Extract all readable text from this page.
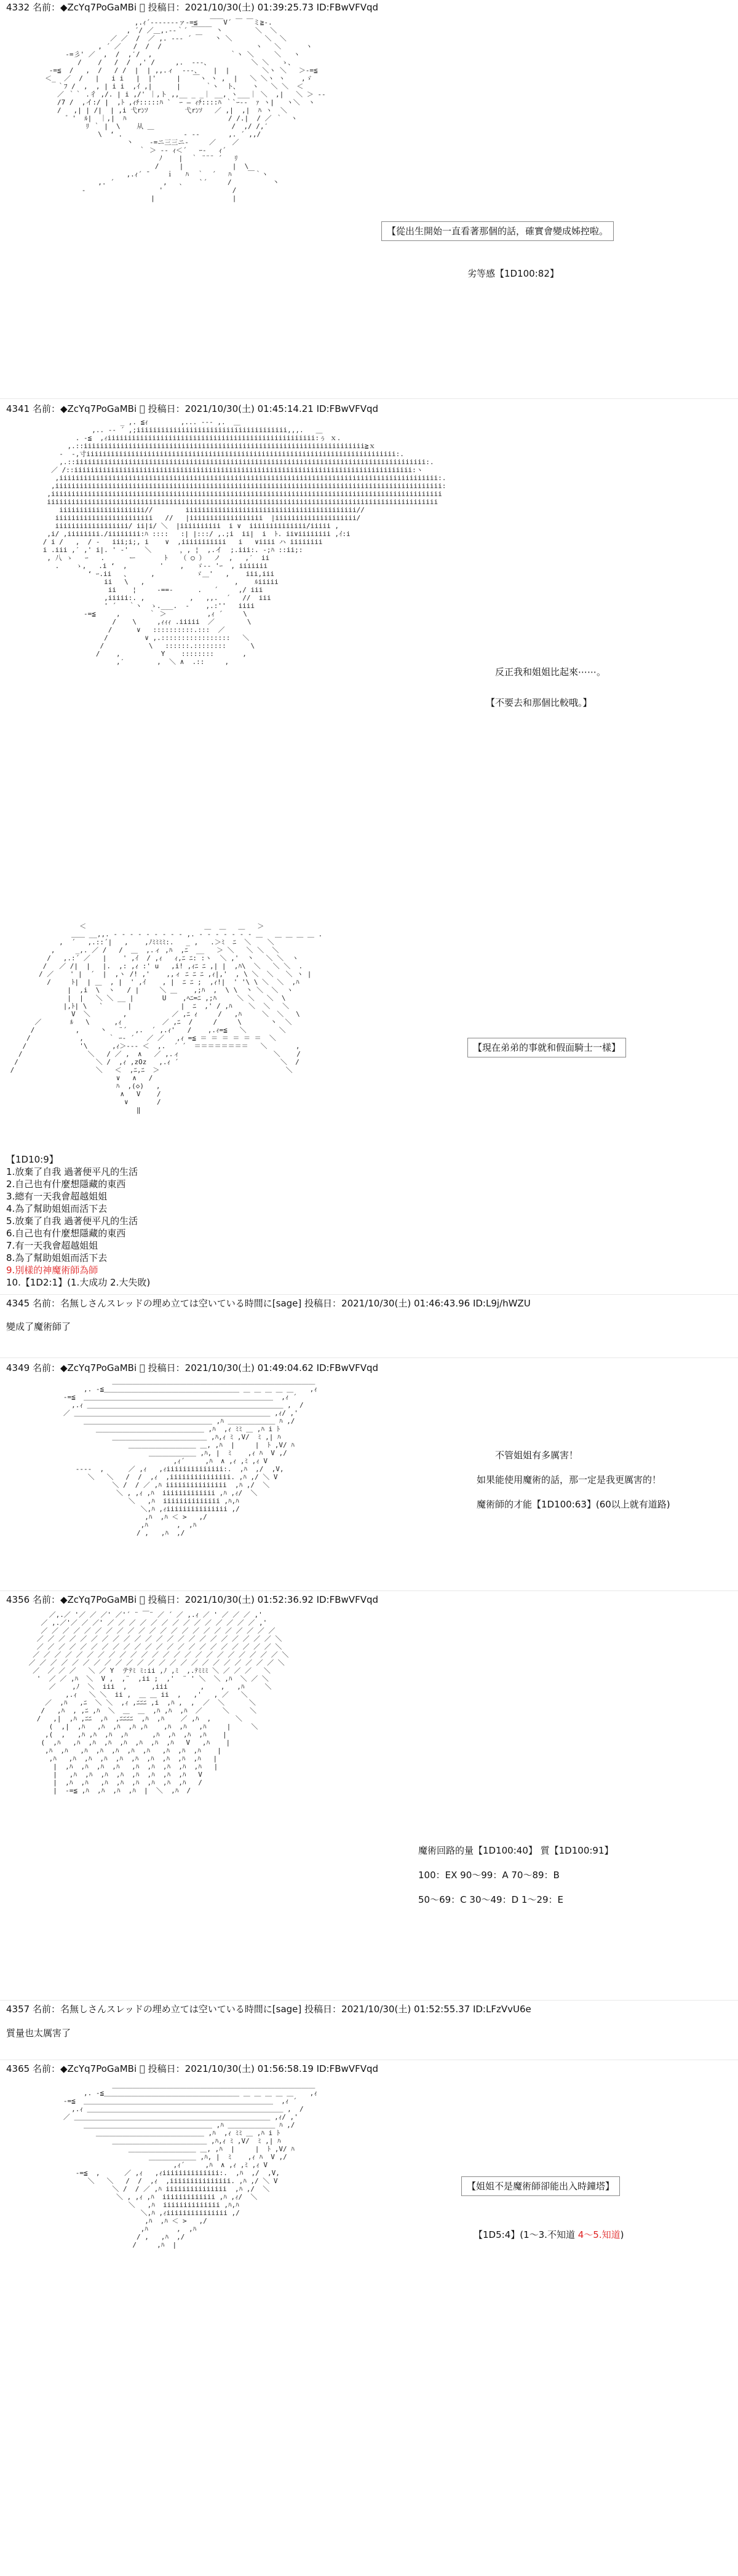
4332 名前：◆ZcYq7PoGaMBi ⃞ 投稿日：2021/10/30(土) 01:39:25.73 ID:FBwVFVqd
,.ｨ´‐‐‐‐‐‐‐ァ‐=≦   ￣￣V´ ￣ ￣ミ≧‐.
, ´/ ／＿,.-‐｀´ ￣￣￣ 丶        ＼  ＼
／ ／  /  ／ ,. -‐‐ ´ ￣   丶 ＼        ＼  ＼
, ´ ／   /  /  /                       ヽ   ＼      ヽ
‐=彡' ／  ,  /  ,′/  ,                   ｀ヽ ＼     ＼   ヽ
/    /   /  /  ,' /     ,.  ‐‐‐、          ＼ ＼   ゝ、
‐=≦  /   ,  /   / /  |  | ,,.ィ  ‐‐‐、   |  |        ＼ヽ ＼   ＞‐=≦
＜_  ／  /   |   i i   |  |'     |   ￣ヽ ヽ ,  |   ＼ ＼ヽ ヽ    ,ゞ
｀ﾌ /  ,  , | i i  ,ｲ ,|      |      ｀ヽ  ト、   ヽ   ＼ ＼  ＜
／ ｀｀ .彳 ,/. | i ,/' ｜,ト ,,__ _ _｜ __, ヽ___｜ ＼  ,|   ＼ ＞ ‐‐
/7 /  ,イ:/ |  ,ﾄ ,ｨﾁ:::::ﾊ `  ｰ ― ｨﾁ::::ﾊ ｀`ｰ‐-  ｧ ヽ|   ヽ＼  ヽ
/   ,| | /|  | ,i 弋rﾝｿ         弋rﾝｿ   ／ ,|  ,|  ﾊ ヽ  ＼
゛'  ﾙ|  ｜,|  ﾊ                         / /.|  / ／ ｀  ヽ
ﾘ ｀ |  \    从 ＿                   /  ,/ /,′
\  ‘ .               ‐ ‐‐       ,. ´ ,,/
丶    ‐=ニ三三ニ‐     ／    ／
｀ ＞ ‐‐ ｨ＜´   ｰ‐   ｨ´
ﾉ    |  ｀ ¨¨¨ ´   ﾘ
/     |            |  \
,.ｨ´ ̄     ｉ   ﾊ  ｀  ´   ﾊ    ￣｀ヽ
,. ´            ,   ､    `´     /          丶
‐                  '                 /
|                   |

【從出生開始一直看著那個的話，確實會變成姊控啦。
劣等感【1D100:82】
4341 名前：◆ZcYq7PoGaMBi ⃞ 投稿日：2021/10/30(土) 01:45:14.21 ID:FBwVFVqd
_ ,. ≦ｨ        ,... ‐‐‐ ,.  ＿
,.. ‐‐ ´ ,;iiiiiiiiiiiiiiiiiiiiiiiiiiiiiiiiiiiii,,,.   ＿
. ‐≦  ,ｨiiiiiiiiiiiiiiiiiiiiiiiiiiiiiiiiiiiiiiiiiiiiiiiiiii:ぅ ｘ.
,.::iiiiiiiiiiiiiiiiiiiiiiiiiiiiiiiiiiiiiiiiiiiiiiiiiiiiiiiiiiiiiiiiiiiii≧ｘ
‐  ‐,寸iiiiiiiiiiiiiiiiiiiiiiiiiiiiiiiiiiiiiiiiiiiiiiiiiiiiiiiiiiiiiiiiiiiiiiiiiiii:.
,.::iiiiiiiiiiiiiiiiiiiiiiiiiiiiiiiiiiiiiiiiiiiiiiiiiiiiiiiiiiiiiiiiiiiiiiiiiiiiiiiiiiiiii:.
／ /::iiiiiiiiiiiiiiiiiiiiiiiiiiiiiiiiiiiiiiiiiiiiiiiiiiiiiiiiiiiiiiiiiiiiiiiiiiiiiiiiiii:ヽ
,iiiiiiiiiiiiiiiiiiiiiiiiiiiiiiiiiiiiiiiiiiiiiiiiiiiiiiiiiiiiiiiiiiiiiiiiiiiiiiiiiiiiiiiiiiiii:.
,iiiiiiiiiiiiiiiiiiiiiiiiiiiiiiiiiiiiiiiiiiiiiiiiiiiiiiiiiiiiiiiiiiiiiiiiiiiiiiiiiiiiiiiiiiiiiii:
,iiiiiiiiiiiiiiiiiiiiiiiiiiiiiiiiiiiiiiiiiiiiiiiiiiiiiiiiiiiiiiiiiiiiiiiiiiiiiiiiiiiiiiiiiiiiiiii
iiiiiiiiiiiiiiiiiiiiiiiiiiiiiiiiiiiiiiiiiiiiiiiiiiiiiiiiiiiiiiiiiiiiiiiiiiiiiiiiiiiiiiiiiiiiiiii
iiiiiiiiiiiiiiiiiiiii//        iiiiiiiiiiiiiiiiiiiiiiiiiiiiiiiiiiiiiiiiii//
iiiiiiiiiiiiiiiiiiiiiiii   //   |iiiiiiiiiiiiiiiiii  |iiiiiiiiiiiiiiiiiiii/
iiiiiiiiiiiiiiiiii/ ii|i/ ＼  |iiiiiiiiii  i ∨  iiiiiiiiiiiiii/iiiii ,
,i/ ,iiiiiiii./iiiiiiii:ﾊ ::::   :| |:::/ ,.;i  ii|  i  ﾄ. ii∨iiiiiiii ,ｲ:i
/ i /   ,  / ‐   iii;i;, i    ∨  ,iiiiiiiiiii   i   ∨iiii ハ iiiiiiii
i .iii ,′ ,' i|. ' ‐'    ＼       ，, ¦  ,.イ  ;.iii:. ‐;ﾊ ::ii;:
, 八 ゝ   ｰ   .      ー       ﾄ   （ ○ ）  ノ  ,   ,′  ii
.    ゝ,   .i ‘  ,        '    ,   ゞ‐‐ 'ｰ  , iiiiiii
‘ ｰ.ii   、     ,          ゞ＿'   ,    iii,iii
ii   \   ,                      ,    ﾙiiiii
ii    ¦     ‐==‐      .   ´     ,/ iii
,iiiii:. ,           ,   ,,.  ´   //  iii
' ´   ｀ヽ  ゝ.___.  ‐    ,.:''   iiii
‐=≦     ,       ｀ ＞          ,ｨ ´     \
/    \     ,ｨｨｨ .iiiii  ／        \
/      ∨   ::::::::::.:::  ／
/         ∨ ,.:::::::::::::::::   ＼
/           \   ::::::.::::::::      \
/    ,          Y    ::::::::       ,
,′        ,  ＼ ∧  .::     ,

反正我和姐姐比起來⋯⋯。
【不要去和那個比較哦。】
＜                             ＿  ＿   ＿   ＞
＿＿ __,,. ‐ ‐ ‐ ‐ ‐ ‐ ‐ ‐ ‐ ,. ‐ ‐ ‐ ‐ ‐ ‐ ‐ ＿   ＿ ＿ ＿ ＿ .
,  ´   ,.::´|   ,    ,ﾉﾐﾐﾐﾐ:.   _ ,   .＞ﾐ  ﾆ  ＼    ＼
,     _,. ／ /   /  ＿  ,.ィ ,ﾊ  ,ﾆ  __   ＞ ＼   ＼ ＼  ＼
/   ,.:´ ／   |    ' ,ｲ  / ,ｨ   ｨ,ﾆ ﾆ: :ヽ  ＼ ,'  丶   ＼ ＼  ヽ
/   ／ /|  |   |.  ,: ,ｨ :' u   ,i! ,ｨﾆ ﾆ ,| |  ,ﾊ\  ＼   ＼ ＼  .
/ ／    ' |  ´  |  ,ヽ /! ,'    ,,ィ ﾆ ﾆ ﾆ ,ｨ|,'  , \ ＼  ＼   ＼ ヽ |
/     ﾄ|  | ＿  , |  ' ,ｲ    , |  ﾆ ﾆ ;  ,ｨ!|  ' '\ \ ＼  ＼  ,ﾊ
|  ,i  \  ヽ   / |     ＼ ＿    ,;ﾊ  ,  \ \  丶 ＼  ＼  ヽ
|  |   ＼ ＼ __ |       U    ,ﾍﾆ=ﾆ ,;ﾊ     ＼ ＼   ＼  \
|,ﾄ| \   `      |            |  ﾆ  ,' / ,ﾊ    ＼  ＼   ＼
V  ＼        ,           ／ ,ﾆ ｨ     /   ,ﾊ     ＼  ＼   \
／       ﾙ   \      ,ｨ          ／ ,ﾆ  /     /     \       丶  ＼
/          ,     丶   ¨´  ,.  ´ ,.ｨ'   /    ,.ｨ=≦   ＼        ＼
/            ,      ｀ ｰ‐ ´   ／ ／   ,ｨ =≦ ＝ ＝ ＝ ＝ ＝ ＝  ＼
/             '\      ,ｨ＞‐‐‐ ＜  ,.  ´ ´  ＝＝＝＝＝＝＝＝   ＼       ,
/                ＼   / ／ ,  ∧   ／ ,.ィ                       ＼    /
/                   ＼ /  ,ｨ ,zOz   ,.ｨ ´                         ＼  /
/                    ＼   ＜  ,ﾆ,ﾆ  ＞                               ＼
∨   ∧   /
ﾊ  ,(◇)   ,
∧   V    /
∨       /
‖

【現在弟弟的事就和假面騎士一樣】
【1D10:9】
1.放棄了自我 過著便平凡的生活
2.自己也有什麼想隱藏的東西
3.總有一天我會超越姐姐
4.為了幫助姐姐而活下去
5.放棄了自我 過著便平凡的生活
6.自己也有什麼想隱藏的東西
7.有一天我會超越姐姐
8.為了幫助姐姐而活下去
9.別樣的神魔術師為師
10.【1D2:1】(1.大成功 2.大失敗)
4345 名前：名無しさんスレッドの埋め立ては空いている時間に[sage] 投稿日：2021/10/30(土) 01:46:43.96 ID:L9j/hWZU
變成了魔術師了
4349 名前：◆ZcYq7PoGaMBi ⃞ 投稿日：2021/10/30(土) 01:49:04.62 ID:FBwVFVqd
＿＿＿＿＿＿＿＿＿＿＿＿＿＿＿＿＿＿＿＿＿＿＿＿＿＿＿＿＿＿
,. ‐≦＿＿＿＿＿＿＿＿＿＿＿＿＿＿＿＿＿＿＿＿ ＿ ＿ ＿ ＿ ＿    ,ｨ
‐=≦  ＿＿＿＿＿＿＿＿＿＿＿＿＿＿＿＿＿＿＿＿＿＿＿＿＿＿＿＿  ,ｨ ´
,.ｨ ＿＿＿＿＿＿＿＿＿＿＿＿＿＿＿＿＿＿＿＿＿＿＿＿＿＿＿＿＿ ,  /
／ ＿＿＿＿＿＿＿＿＿＿＿＿＿＿＿＿＿＿＿＿＿＿＿＿＿＿＿＿＿ ,ｨ/ ,'
＿＿＿＿＿＿＿＿＿＿＿＿＿＿＿＿＿＿＿ ,ﾊ ＿＿＿＿＿＿＿ ﾊ ,/
＿＿＿＿＿＿＿＿＿＿＿＿＿＿＿＿ ,ﾊ  ,ｨ ﾐﾐ ＿ ,ﾊ i ﾄ
＿＿＿＿＿＿＿＿＿＿＿＿＿＿ ,ﾊ,ｨ ﾐ ,V/  ﾐ ,| ﾊ
＿＿＿＿＿＿＿＿＿＿ ＿, ,ﾊ  |     |  ﾄ ,V/ ﾊ
＿＿＿＿＿＿＿ ,ﾊ, |  ﾐ    ,ｨ ﾊ  V ,/
,ｨ´     ,ﾊ  ∧ ,ｨ ,ﾐ ,ｨ V
‐‐‐‐  ,      ／ ,ｨ   ,ｨiiiiiiiiiiiiii:.  ,ﾊ  ,/  ,V,
＼   ＼   /  /  ,ｨ  ,iiiiiiiiiiiiiii. ,ﾊ ,/ ＼ V
＼ /  / ／ ,ﾊ iiiiiiiiiiiiiii  ,ﾊ ,/  ＼
＼ , ,ｨ ,ﾊ  iiiiiiiiiiiii ,ﾊ ,ｨ/  ＼
＼   ,ﾊ  iiiiiiiiiiiiii ,ﾊ,ﾊ
＼,ﾊ ,ｨiiiiiiiiiiiiiii ,/
,ﾊ  ,ﾊ ＜ >   ,/
,ﾊ       ,  ,ﾊ
/ ,   ,ﾊ  ,/

不管姐姐有多厲害！
如果能使用魔術的話，那一定是我更厲害的！
魔術師的才能【1D100:63】(60以上就有道路)
4356 名前：◆ZcYq7PoGaMBi ⃞ 投稿日：2021/10/30(土) 01:52:36.92 ID:FBwVFVqd
／,.／ '／ ／ ／' ／'´ ¨ ￣¨ ／ ´ ／ ,.ｨ ／ ' ／ ／ ／ ,'
／ ,.／'／ ／ ／' ／ ／ ／ ／ ／ ／ ／ ／ ／ ／ ／ ／ ／ ／ ,'
／ ／ ／ ／ ／ ／ ／ ／ ／ ／ ／ ／ ／ ／ ／ ／ ／ ／ ／ ／ ／ ／
／ ／ ／ ／ ／ ／ ／ ／ ／ ／ ／ ／ ／ ／ ／ ／ ／ ／ ／ ／ ／ ／ ＼
／ ／ ／ ／ ／ ／ ／ ／ ／ ／ ／ ／ ／ ／ ／ ／ ／ ／ ／ ／ ／ ／ ＼
／ ／ ／ ／ ／ ／ ／ ／ ／ ／ ／ ／ ／ ／ ／ ／ ／ ／ ／ ／ ／ ／ ／ ＼
／ ／ ／ ／ ／ ／ ／ ／ ／ ／ ／ ／ ／ ／ ／ ／ ／ ／ ／ ／ ／ ／ ／ ＼
／  ／ ／ ／   ＼ ／ Y  テﾃﾐ ﾐ:ii ,ﾉ ,ﾐ  ,.ﾃﾐﾐﾐ ＼ ／ ／ ／   ＼
'  ／ ／ ,ﾊ  ＼  V ,  ,¨  ,ii ;  ,'  ¨ ' ＼  ＼ ,ﾊ  ＼ ／ ＼
／    ,ﾉ  ＼  iii  ,      ,iii        ,    ,   ,ﾊ     ＼
,.ｨ   ＼ ＼  ii ,  ＿ ＿ ii  ,   ,'   , ／   ＼
／  ,ﾊ   ,ﾆ  ＼ ＼  ,ｨ ,ﾆﾆﾆ ,i  ,ﾊ ,  ,  ／  ＼      ＼
/   ,ﾊ  , ,ﾆ ,ﾊ  ＼  ＿  ＿  ,ﾊ ,ﾊ  ,ﾊ  ／     ＼     ＼
/   ,|  ,ﾊ ,ﾆﾆ  ,ﾊ  ,ﾆﾆﾆﾆ  ,ﾊ  ,ﾊ    ／ ,ﾊ  ,      ＼
(  ,|  ,ﾊ   ,ﾊ  ,ﾊ  ,ﾊ ,ﾊ    ,ﾊ  ,ﾊ   ,ﾊ     |     ＼
,(  ,   ,ﾊ ,ﾊ  ,ﾊ  ,ﾊ      ,ﾊ  ,ﾊ  ,ﾊ  ,ﾊ    |
(  ,ﾊ   ,ﾊ  ,ﾊ  ,ﾊ  ,ﾊ  ,ﾊ  ,ﾊ  ,ﾊ   V   ,ﾊ    |
,ﾊ  ,ﾊ   ,ﾊ  ,ﾊ  ,ﾊ  ,ﾊ  ,ﾊ   ,ﾊ  ,ﾊ  ,ﾊ    |
,ﾊ   ,ﾊ  ,ﾊ  ,ﾊ  ,ﾊ  ,ﾊ  ,ﾊ  ,ﾊ  ,ﾊ  ,ﾊ   |
|  ,ﾊ  ,ﾊ  ,ﾊ  ,ﾊ   ,ﾊ  ,ﾊ  ,ﾊ  ,ﾊ  ,ﾊ   |
|   ,ﾊ  ,ﾊ  ,ﾊ  ,ﾊ  ,ﾊ  ,ﾊ  ,ﾊ  ,ﾊ   V
|  ,ﾊ  ,ﾊ   ,ﾊ  ,ﾊ  ,ﾊ  ,ﾊ  ,ﾊ  ,ﾊ   /
|  -=≦ ,ﾊ  ,ﾊ  ,ﾊ  ,ﾊ  |  ＼  ,ﾊ  /

魔術回路的量【1D100:40】 質【1D100:91】
100：EX 90〜99：A 70〜89：B
50〜69：C 30〜49：D 1〜29：E
4357 名前：名無しさんスレッドの埋め立ては空いている時間に[sage] 投稿日：2021/10/30(土) 01:52:55.37 ID:LFzVvU6e
質量也太厲害了
4365 名前：◆ZcYq7PoGaMBi ⃞ 投稿日：2021/10/30(土) 01:56:58.19 ID:FBwVFVqd
＿＿＿＿＿＿＿＿＿＿＿＿＿＿＿＿＿＿＿＿＿＿＿＿＿＿＿＿＿＿
,. ‐≦＿＿＿＿＿＿＿＿＿＿＿＿＿＿＿＿＿＿＿＿ ＿ ＿ ＿ ＿ ＿    ,ｨ
‐=≦  ＿＿＿＿＿＿＿＿＿＿＿＿＿＿＿＿＿＿＿＿＿＿＿＿＿＿＿＿  ,ｨ ´
,.ｨ ＿＿＿＿＿＿＿＿＿＿＿＿＿＿＿＿＿＿＿＿＿＿＿＿＿＿＿＿＿ ,  /
／ ＿＿＿＿＿＿＿＿＿＿＿＿＿＿＿＿＿＿＿＿＿＿＿＿＿＿＿＿＿ ,ｨ/ ,'
＿＿＿＿＿＿＿＿＿＿＿＿＿＿＿＿＿＿＿ ,ﾊ ＿＿＿＿＿＿＿ ﾊ ,/
＿＿＿＿＿＿＿＿＿＿＿＿＿＿＿＿ ,ﾊ  ,ｨ ﾐﾐ ＿ ,ﾊ i ﾄ
＿＿＿＿＿＿＿＿＿＿＿＿＿＿ ,ﾊ,ｨ ﾐ ,V/  ﾐ ,| ﾊ
＿＿＿＿＿＿＿＿＿＿ ＿, ,ﾊ  |     |  ﾄ ,V/ ﾊ
＿＿＿＿＿＿＿ ,ﾊ, |  ﾐ    ,ｨ ﾊ  V ,/
,ｨ´     ,ﾊ  ∧ ,ｨ ,ﾐ ,ｨ V
‐=≦  ,      ／ ,ｨ   ,ｨiiiiiiiiiiiiii:.  ,ﾊ  ,/  ,V,
＼   ＼   /  /  ,ｨ  ,iiiiiiiiiiiiiii. ,ﾊ ,/ ＼ V
＼ /  / ／ ,ﾊ iiiiiiiiiiiiiii  ,ﾊ ,/  ＼
＼ , ,ｨ ,ﾊ  iiiiiiiiiiiii ,ﾊ ,ｨ/  ＼
＼   ,ﾊ  iiiiiiiiiiiiii ,ﾊ,ﾊ
＼,ﾊ ,ｨiiiiiiiiiiiiiii ,/
,ﾊ  ,ﾊ ＜ >   ,/
,ﾊ       ,  ,ﾊ
/ ,   ,ﾊ  ,/
/     ,ﾊ  |

【姐姐不是魔術師卻能出入時鐘塔】
【1D5:4】(1〜3.不知道 4〜5.知道)
